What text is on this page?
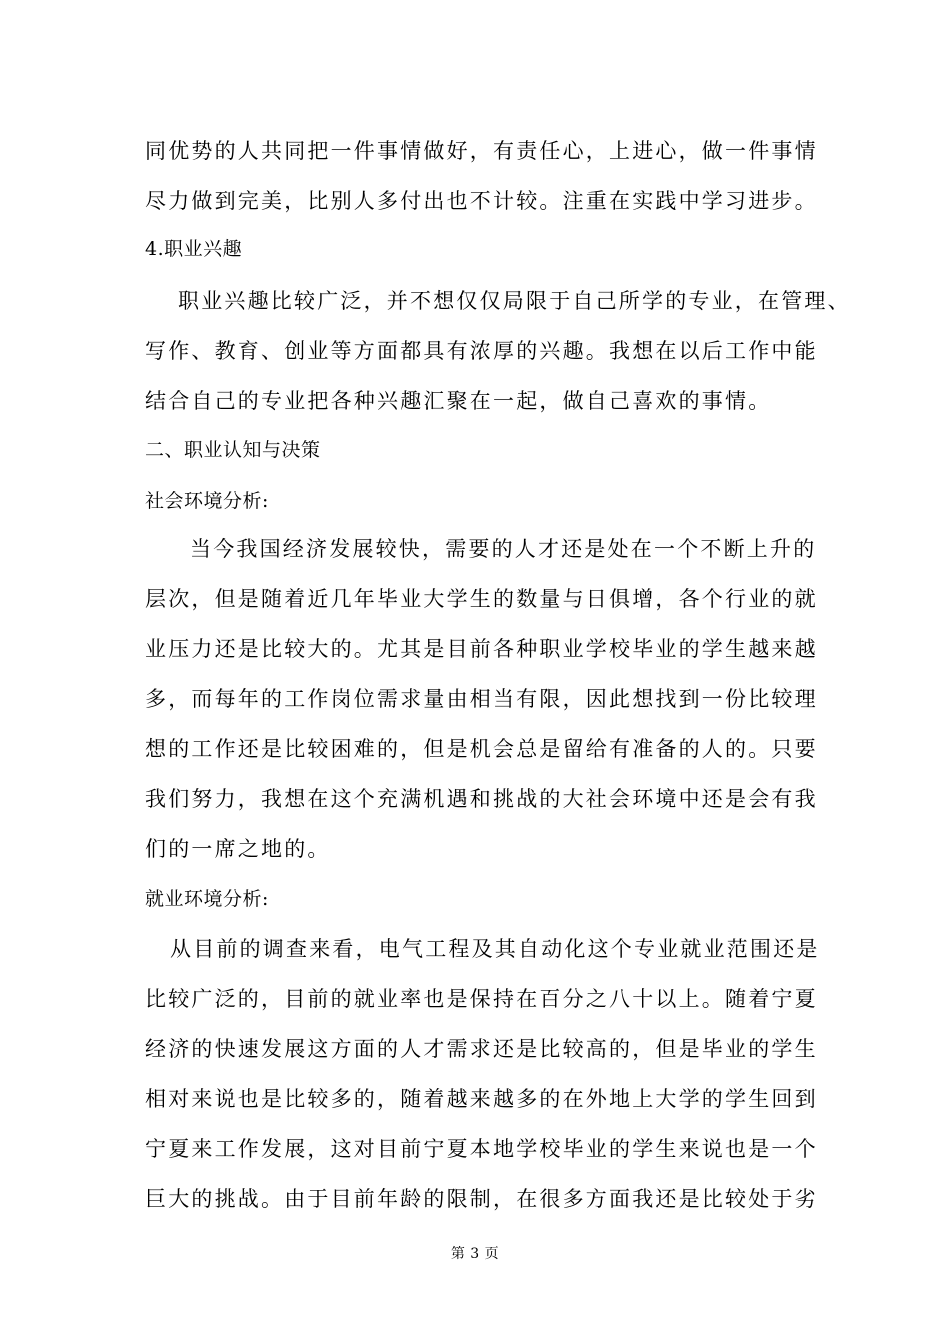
同优势的人共同把一件事情做好，有责任心，上进心，做一件事情
尽力做到完美，比别人多付出也不计较。注重在实践中学习进步。
4.职业兴趣
职业兴趣比较广泛，并不想仅仅局限于自己所学的专业，在管理、
写作、教育、创业等方面都具有浓厚的兴趣。我想在以后工作中能
结合自己的专业把各种兴趣汇聚在一起，做自己喜欢的事情。
二、职业认知与决策
社会环境分析:
当今我国经济发展较快，需要的人才还是处在一个不断上升的
层次，但是随着近几年毕业大学生的数量与日俱增，各个行业的就
业压力还是比较大的。尤其是目前各种职业学校毕业的学生越来越
多，而每年的工作岗位需求量由相当有限，因此想找到一份比较理
想的工作还是比较困难的，但是机会总是留给有准备的人的。只要
我们努力，我想在这个充满机遇和挑战的大社会环境中还是会有我
们的一席之地的。
就业环境分析:
从目前的调查来看，电气工程及其自动化这个专业就业范围还是
比较广泛的，目前的就业率也是保持在百分之八十以上。随着宁夏
经济的快速发展这方面的人才需求还是比较高的，但是毕业的学生
相对来说也是比较多的，随着越来越多的在外地上大学的学生回到
宁夏来工作发展，这对目前宁夏本地学校毕业的学生来说也是一个
巨大的挑战。由于目前年龄的限制，在很多方面我还是比较处于劣
第 3 页
